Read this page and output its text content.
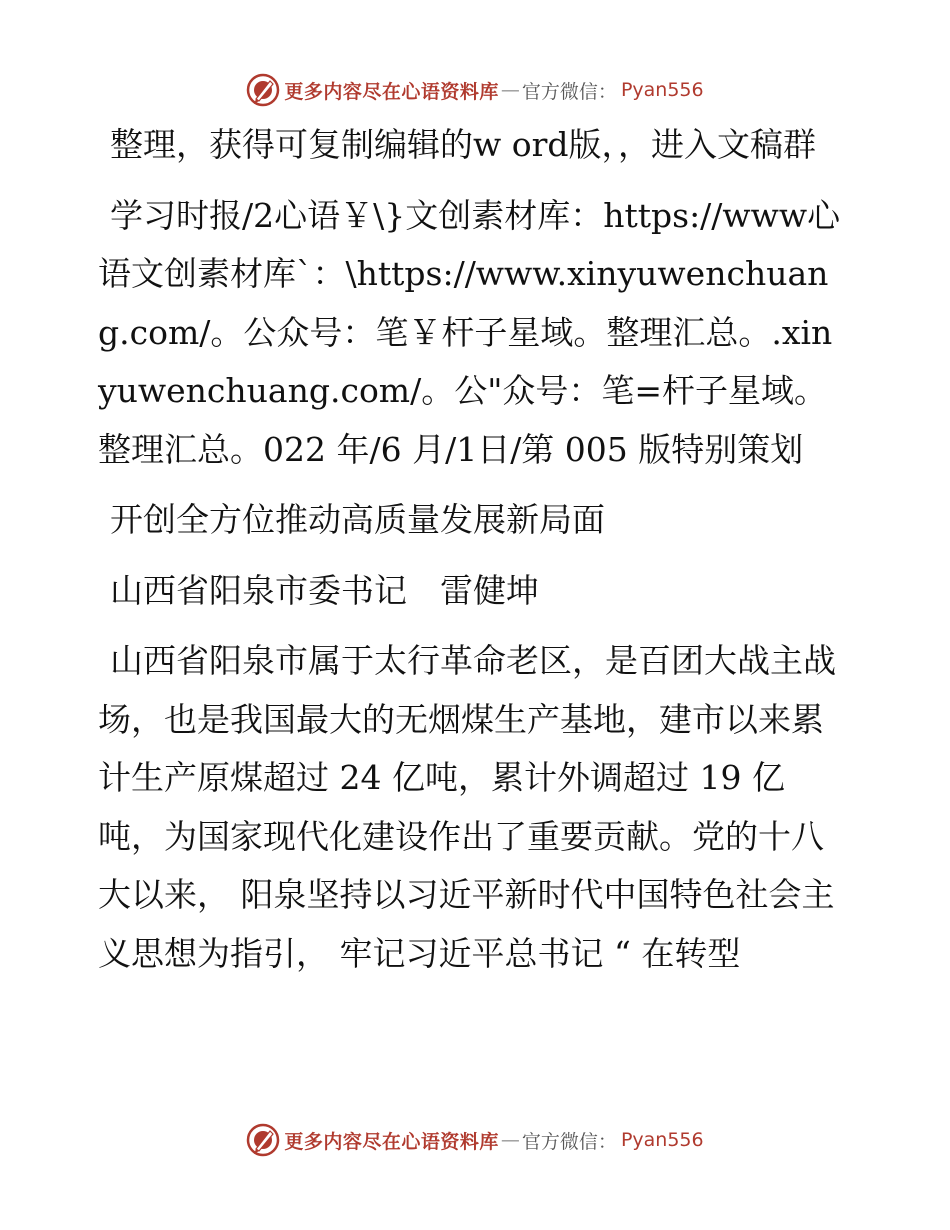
更多内容尽在心语资料库 — 官方微信： Pyan556

整理，获得可复制编辑的w ord版，，进入文稿群

学习时报/2心语￥\}文创素材库：https://www心语文创素材库`：\https://www.xinyuwenchuang.com/。公众号：笔￥杆子星域。整理汇总。.xinyuwenchuang.com/。公"众号：笔=杆子星域。整理汇总。022 年/6 月/1日/第 005 版特别策划

开创全方位推动高质量发展新局面

山西省阳泉市委书记　雷健坤

山西省阳泉市属于太行革命老区，是百团大战主战场，也是我国最大的无烟煤生产基地，建市以来累计生产原煤超过 24 亿吨，累计外调超过 19 亿吨，为国家现代化建设作出了重要贡献。党的十八大以来， 阳泉坚持以习近平新时代中国特色社会主义思想为指引， 牢记习近平总书记 “ 在转型

更多内容尽在心语资料库 — 官方微信： Pyan556
